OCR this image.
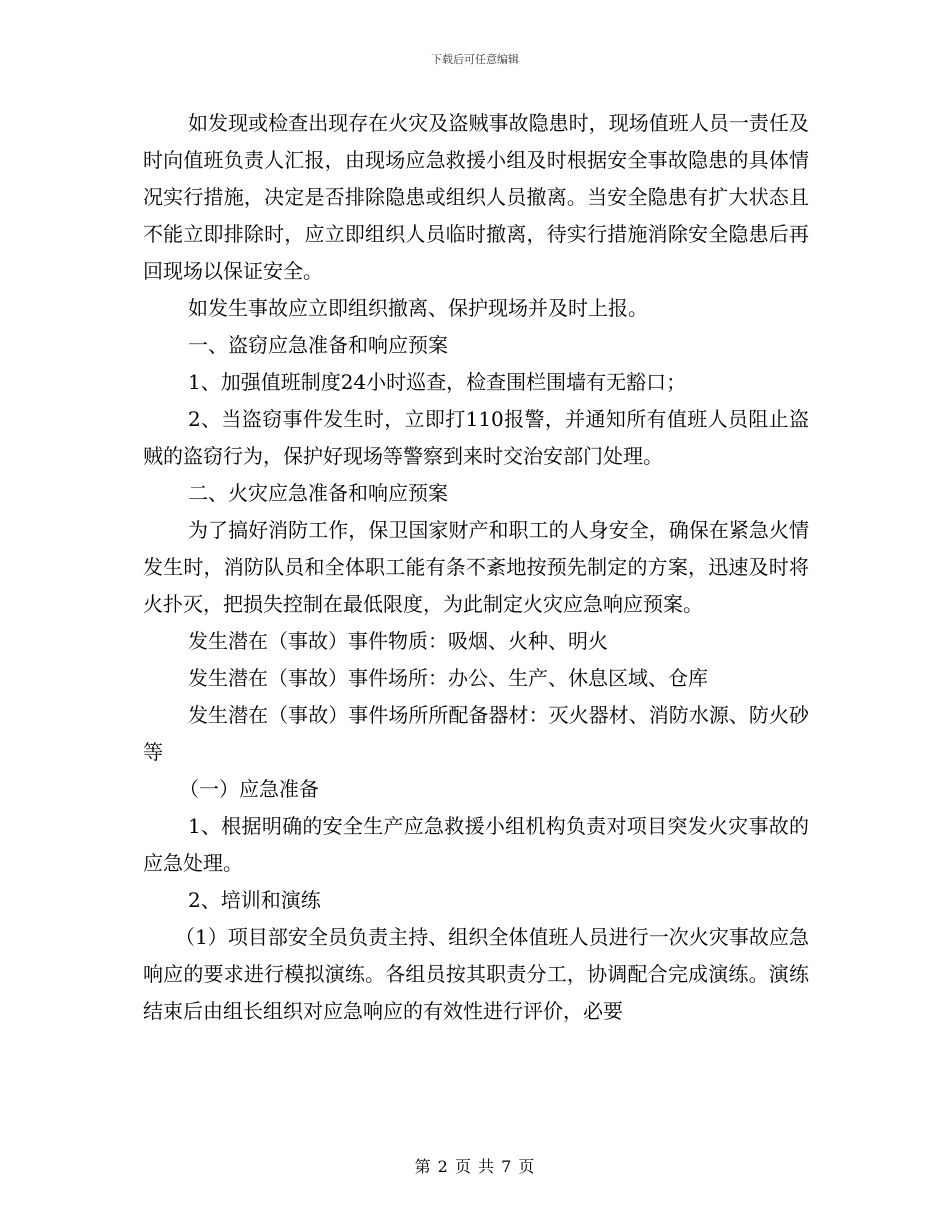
下载后可任意编辑

如发现或检查出现存在火灾及盗贼事故隐患时，现场值班人员一责任及时向值班负责人汇报，由现场应急救援小组及时根据安全事故隐患的具体情况实行措施，决定是否排除隐患或组织人员撤离。当安全隐患有扩大状态且不能立即排除时，应立即组织人员临时撤离，待实行措施消除安全隐患后再回现场以保证安全。

如发生事故应立即组织撤离、保护现场并及时上报。

一、盗窃应急准备和响应预案

1、加强值班制度24小时巡查，检查围栏围墙有无豁口；

2、当盗窃事件发生时，立即打110报警，并通知所有值班人员阻止盗贼的盗窃行为，保护好现场等警察到来时交治安部门处理。

二、火灾应急准备和响应预案

为了搞好消防工作，保卫国家财产和职工的人身安全，确保在紧急火情发生时，消防队员和全体职工能有条不紊地按预先制定的方案，迅速及时将火扑灭，把损失控制在最低限度，为此制定火灾应急响应预案。

发生潜在（事故）事件物质：吸烟、火种、明火

发生潜在（事故）事件场所：办公、生产、休息区域、仓库

发生潜在（事故）事件场所所配备器材：灭火器材、消防水源、防火砂等

（一）应急准备

1、根据明确的安全生产应急救援小组机构负责对项目突发火灾事故的应急处理。

2、培训和演练

（1）项目部安全员负责主持、组织全体值班人员进行一次火灾事故应急响应的要求进行模拟演练。各组员按其职责分工，协调配合完成演练。演练结束后由组长组织对应急响应的有效性进行评价，必要

第 2 页 共 7 页
